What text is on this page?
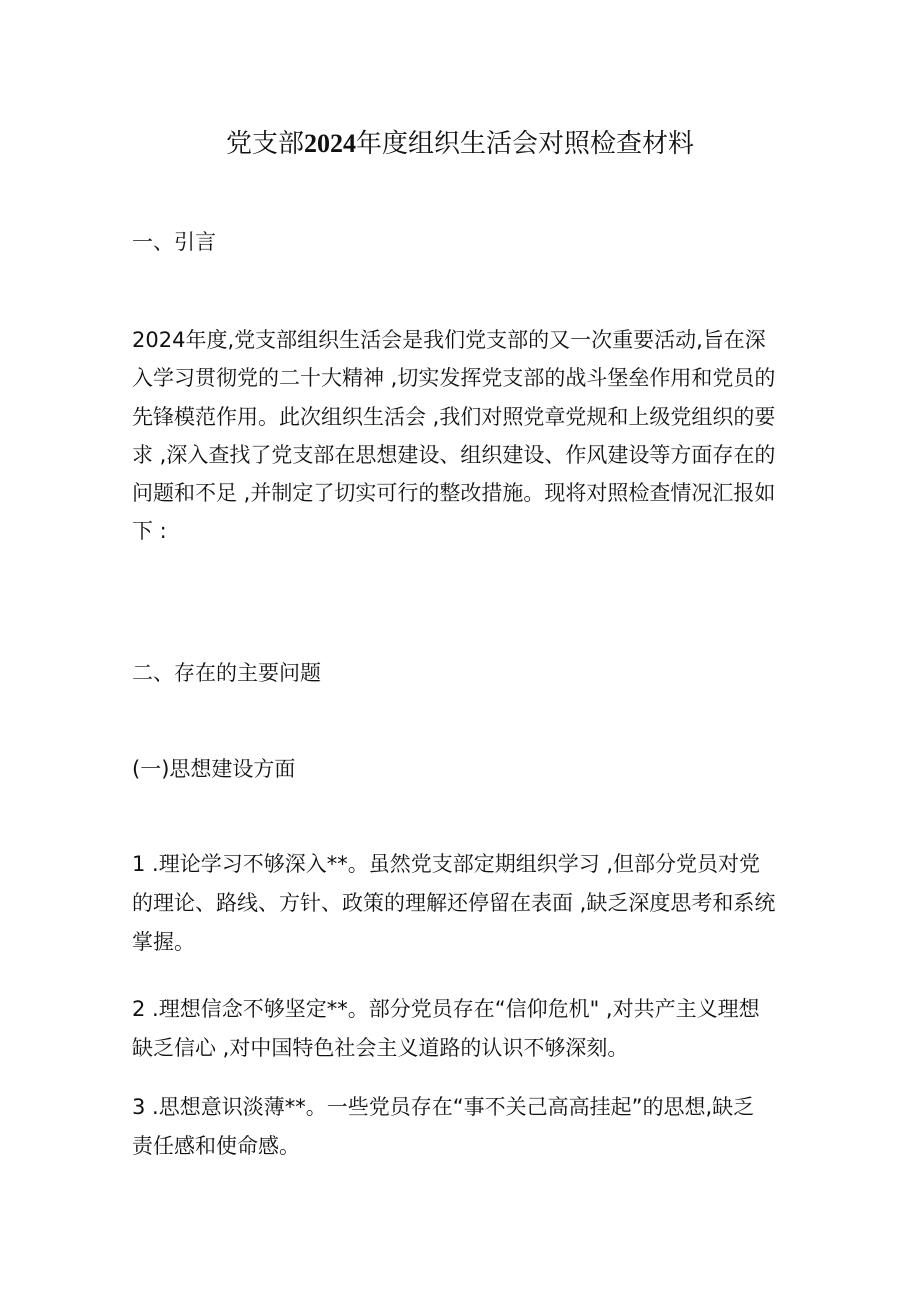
党支部2024年度组织生活会对照检查材料
一、引言
2024年度,党支部组织生活会是我们党支部的又一次重要活动,旨在深
入学习贯彻党的二十大精神 ,切实发挥党支部的战斗堡垒作用和党员的
先锋模范作用。此次组织生活会 ,我们对照党章党规和上级党组织的要
求 ,深入查找了党支部在思想建设、组织建设、作风建设等方面存在的
问题和不足 ,并制定了切实可行的整改措施。现将对照检查情况汇报如
下 :
二、存在的主要问题
(一)思想建设方面
1 .理论学习不够深入**。虽然党支部定期组织学习 ,但部分党员对党
的理论、路线、方针、政策的理解还停留在表面 ,缺乏深度思考和系统
掌握。
2 .理想信念不够坚定**。部分党员存在“信仰危机" ,对共产主义理想
缺乏信心 ,对中国特色社会主义道路的认识不够深刻。
3 .思想意识淡薄**。一些党员存在“事不关己高高挂起”的思想,缺乏
责任感和使命感。
